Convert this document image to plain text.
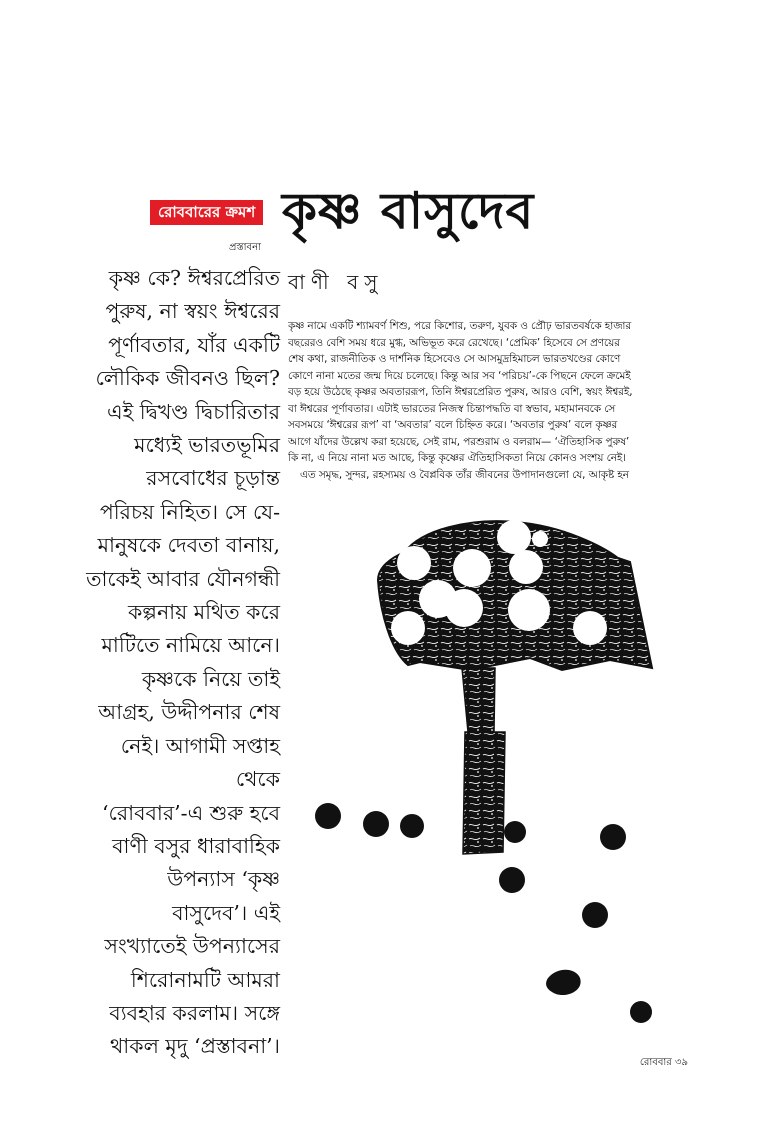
রোববারের ক্রমশ
প্রস্তাবনা
কৃষ্ণ বাসুদেব
বাণী বসু
কৃষ্ণ কে? ঈশ্বরপ্রেরিত
পুরুষ, না স্বয়ং ঈশ্বরের
পূর্ণাবতার, যাঁর একটি
লৌকিক জীবনও ছিল?
এই দ্বিখণ্ড দ্বিচারিতার
মধ্যেই ভারতভূমির
রসবোধের চূড়ান্ত
পরিচয় নিহিত। সে যে-
মানুষকে দেবতা বানায়,
তাকেই আবার যৌনগন্ধী
কল্পনায় মথিত করে
মাটিতে নামিয়ে আনে।
কৃষ্ণকে নিয়ে তাই
আগ্রহ, উদ্দীপনার শেষ
নেই। আগামী সপ্তাহ
থেকে
‘রোববার’-এ শুরু হবে
বাণী বসুর ধারাবাহিক
উপন্যাস ‘কৃষ্ণ
বাসুদেব’। এই
সংখ্যাতেই উপন্যাসের
শিরোনামটি আমরা
ব্যবহার করলাম। সঙ্গে
থাকল মৃদু ‘প্রস্তাবনা’।
কৃষ্ণ নামে একটি শ্যামবর্ণ শিশু, পরে কিশোর, তরুণ, যুবক ও প্রৌঢ় ভারতবর্ষকে হাজার
বছরেরও বেশি সময় ধরে মুগ্ধ, অভিভূত করে রেখেছে। ‘প্রেমিক’ হিসেবে সে প্রণয়ের
শেষ কথা, রাজনীতিক ও দার্শনিক হিসেবেও সে আসমুদ্রহিমাচল ভারতখণ্ডের কোণে
কোণে নানা মতের জন্ম দিয়ে চলেছে। কিন্তু আর সব ‘পরিচয়’-কে পিছনে ফেলে ক্রমেই
বড় হয়ে উঠেছে কৃষ্ণর অবতাররূপ, তিনি ঈশ্বরপ্রেরিত পুরুষ, আরও বেশি, স্বয়ং ঈশ্বরই,
বা ঈশ্বরের পূর্ণাবতার। এটাই ভারতের নিজস্ব চিন্তাপদ্ধতি বা স্বভাব, মহামানবকে সে
সবসময়ে ‘ঈশ্বরের রূপ’ বা ‘অবতার’ বলে চিহ্নিত করে। ‘অবতার পুরুষ’ বলে কৃষ্ণর
আগে যাঁদের উল্লেখ করা হয়েছে, সেই রাম, পরশুরাম ও বলরাম— ‘ঐতিহাসিক পুরুষ’
কি না, এ নিয়ে নানা মত আছে, কিন্তু কৃষ্ণের ঐতিহাসিকতা নিয়ে কোনও সংশয় নেই।
এত সমৃদ্ধ, সুন্দর, রহস্যময় ও বৈপ্লবিক তাঁর জীবনের উপাদানগুলো যে, আকৃষ্ট হন
রোববার ৩৯
